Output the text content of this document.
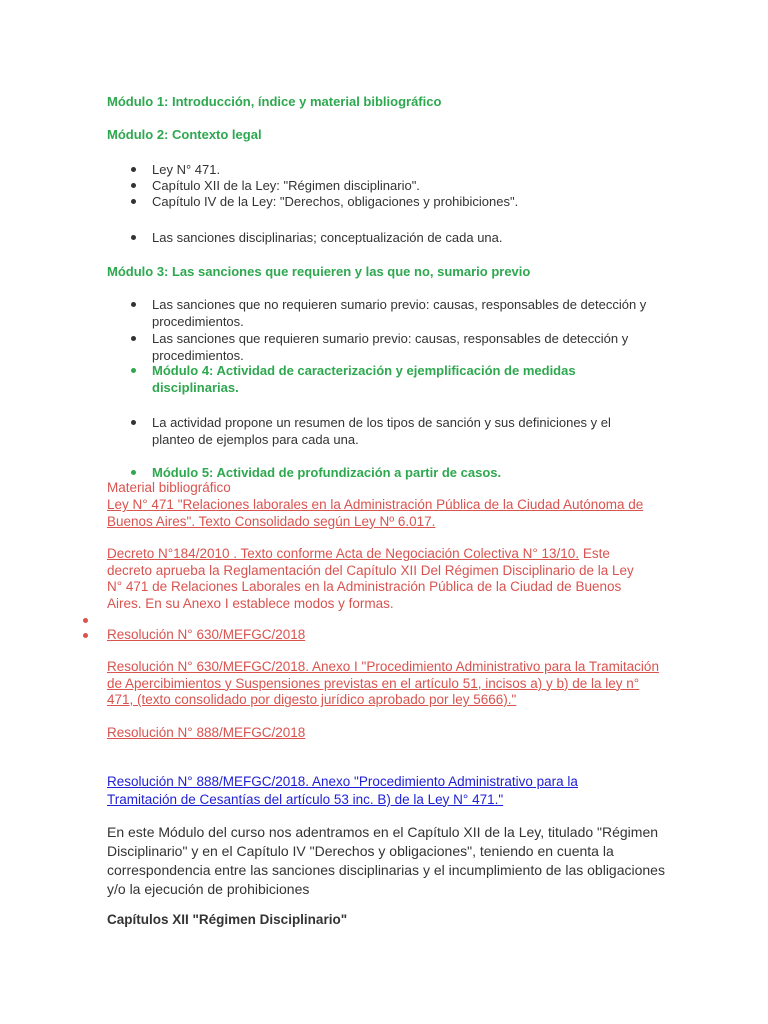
Módulo 1: Introducción, índice y material bibliográfico

Módulo 2: Contexto legal

Ley N° 471.

Capítulo XII de la Ley: "Régimen disciplinario".

Capítulo IV de la Ley: "Derechos, obligaciones y prohibiciones".

Las sanciones disciplinarias; conceptualización de cada una.

Módulo 3: Las sanciones que requieren y las que no, sumario previo

Las sanciones que no requieren sumario previo: causas, responsables de detección y procedimientos.

Las sanciones que requieren sumario previo: causas, responsables de detección y procedimientos.

Módulo 4: Actividad de caracterización y ejemplificación de medidas disciplinarias.

La actividad propone un resumen de los tipos de sanción y sus definiciones y el planteo de ejemplos para cada una.

Módulo 5: Actividad de profundización a partir de casos.

Material bibliográfico

Ley N° 471 "Relaciones laborales en la Administración Pública de la Ciudad Autónoma de Buenos Aires". Texto Consolidado según Ley Nº 6.017.

Decreto N°184/2010 . Texto conforme Acta de Negociación Colectiva N° 13/10. Este decreto aprueba la Reglamentación del Capítulo XII Del Régimen Disciplinario de la Ley N° 471 de Relaciones Laborales en la Administración Pública de la Ciudad de Buenos Aires. En su Anexo I establece modos y formas.

Resolución N° 630/MEFGC/2018
Resolución N° 630/MEFGC/2018. Anexo I "Procedimiento Administrativo para la Tramitación de Apercibimientos y Suspensiones previstas en el artículo 51, incisos a) y b) de la ley n° 471, (texto consolidado por digesto jurídico aprobado por ley 5666)."
Resolución N° 888/MEFGC/2018
Resolución N° 888/MEFGC/2018. Anexo "Procedimiento Administrativo para la Tramitación de Cesantías del artículo 53 inc. B) de la Ley N° 471."

En este Módulo del curso nos adentramos en el Capítulo XII de la Ley, titulado "Régimen Disciplinario" y en el Capítulo IV "Derechos y obligaciones", teniendo en cuenta la correspondencia entre las sanciones disciplinarias y el incumplimiento de las obligaciones y/o la ejecución de prohibiciones

Capítulos XII "Régimen Disciplinario"
